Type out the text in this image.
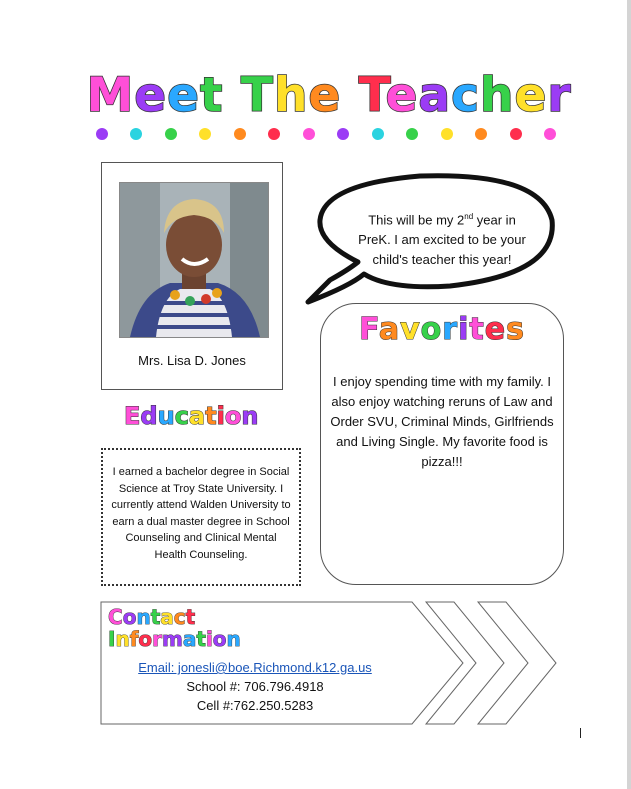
Meet The Teacher
Mrs. Lisa D. Jones
This will be my 2nd year in PreK. I am excited to be your child's teacher this year!
Favorites
I enjoy spending time with my family. I also enjoy watching reruns of Law and Order SVU, Criminal Minds, Girlfriends and Living Single. My favorite food is pizza!!!
Education
I earned a bachelor degree in Social Science at Troy State University. I currently attend Walden University to earn a dual master degree in School Counseling and Clinical Mental Health Counseling.
Contact
Information
Email: jonesli@boe.Richmond.k12.ga.us
School #: 706.796.4918
Cell #:762.250.5283
